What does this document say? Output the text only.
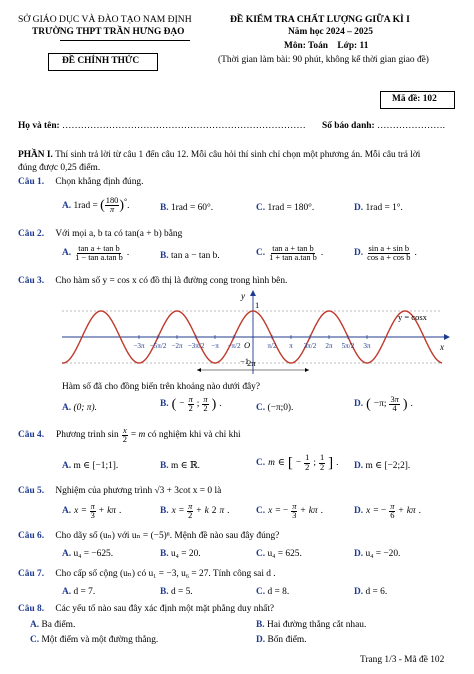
SỞ GIÁO DỤC VÀ ĐÀO TẠO NAM ĐỊNH
TRƯỜNG THPT TRẦN HƯNG ĐẠO
ĐỀ CHÍNH THỨC
ĐỀ KIỂM TRA CHẤT LƯỢNG GIỮA KÌ I
Năm học 2024 – 2025
Môn: Toán    Lớp: 11
(Thời gian làm bài: 90 phút, không kể thời gian giao đề)
Mã đề: 102
Họ và tên: …………………………………………………………………… Số báo danh: ………………….
PHẦN I. Thí sinh trả lời từ câu 1 đến câu 12. Mỗi câu hỏi thí sinh chỉ chọn một phương án. Mỗi câu trả lời
đúng được 0,25 điểm.
Câu 1. Chọn khẳng định đúng.
A. 1rad = ( $\frac{180}{\pi} )^\circ$.	B. 1rad = 60°.	C. 1rad = 180°.	D. 1rad = 1°.
Câu 2. Với mọi a, b ta có tan(a + b) bằng
A. $\frac{\text{tan a + tan b}}{\text{1 − tan a.tan b}}$ .	B. tan a − tan b.	C. $\frac{\text{tan a + tan b}}{\text{1 + tan a.tan b}}$ .	D. $\frac{\text{sin a + sin b}}{\text{cos a + cos b}}$ .
Câu 3. Cho hàm số y = cos x có đồ thị là đường cong trong hình bên.
y
x
y = cosx
1
O
−1
2π
−3π −5π/2 −2π −3π/2 −π −π/2	π/2 π 3π/2 2π 5π/2 3π
Hàm số đã cho đồng biến trên khoảng nào dưới đây?
A. (0; π).	B. ( − $\frac{\pi}{2}$ ; $\frac{\pi}{2}$ ) .	C. (−π;0).	D. ( −π; $\frac{3\pi}{4}$ ) .
Câu 4. Phương trình $\sin \frac{x}{2} = m$ có nghiệm khi và chỉ khi
A. m ∈ [−1;1].	B. m ∈ ℝ.	C. m ∈ [ − $\frac{1}{2}$ ; $\frac{1}{2}$ ] . D. m ∈ [−2;2].
Câu 5. Nghiệm của phương trình √3 + 3cot x = 0 là
A. $x = \frac{\pi}{3} + k\pi$ .	B. $x = \frac{\pi}{2} + k$ 2 π .	C. x = − $\frac{\pi}{3} + k\pi$ .	D. x = − $\frac{\pi}{6} + k\pi$ .
Câu 6. Cho dãy số (uₙ) với uₙ = (−5)ⁿ. Mệnh đề nào sau đây đúng?
A. u₄ = −625.	B. u₄ = 20.	C. u₄ = 625.	D. u₄ = −20.
Câu 7. Cho cấp số cộng (uₙ) có u₁ = −3, u₆ = 27. Tính công sai d .
A. d = 7.	B. d = 5.	C. d = 8.	D. d = 6.
Câu 8. Các yếu tố nào sau đây xác định một mặt phẳng duy nhất?
A. Ba điểm.	B. Hai đường thẳng cắt nhau.
C. Một điểm và một đường thẳng.	D. Bốn điểm.
Trang 1/3 - Mã đề 102
